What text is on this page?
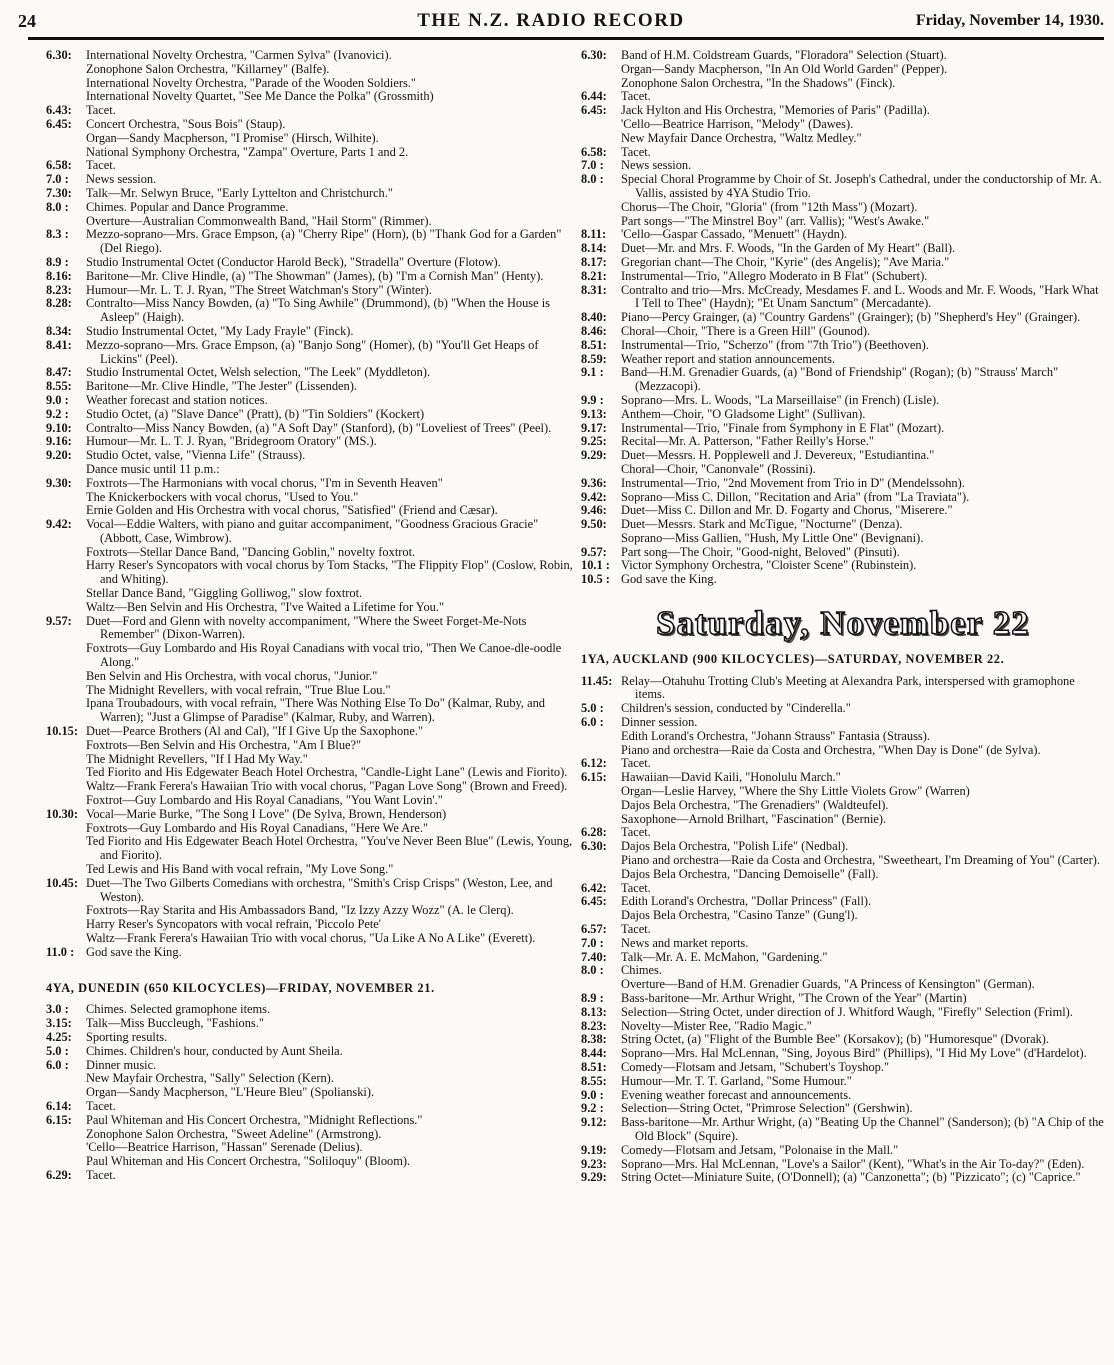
24	THE N.Z. RADIO RECORD	Friday, November 14, 1930.
6.30:	International Novelty Orchestra, "Carmen Sylva" (Ivanovici).
Zonophone Salon Orchestra, "Killarney" (Balfe).
International Novelty Orchestra, "Parade of the Wooden Soldiers."
International Novelty Quartet, "See Me Dance the Polka" (Grossmith)
6.43:	Tacet.
6.45:	Concert Orchestra, "Sous Bois" (Staup).
Organ—Sandy Macpherson, "I Promise" (Hirsch, Wilhite).
National Symphony Orchestra, "Zampa" Overture, Parts 1 and 2.
6.58:	Tacet.
7.0 :	News session.
7.30:	Talk—Mr. Selwyn Bruce, "Early Lyttelton and Christchurch."
8.0 :	Chimes. Popular and Dance Programme.
Overture—Australian Commonwealth Band, "Hail Storm" (Rimmer).
8.3 :	Mezzo-soprano—Mrs. Grace Empson, (a) "Cherry Ripe" (Horn), (b) "Thank God for a Garden" (Del Riego).
8.9 :	Studio Instrumental Octet (Conductor Harold Beck), "Stradella" Overture (Flotow).
8.16:	Baritone—Mr. Clive Hindle, (a) "The Showman" (James), (b) "I'm a Cornish Man" (Henty).
8.23:	Humour—Mr. L. T. J. Ryan, "The Street Watchman's Story" (Winter).
8.28:	Contralto—Miss Nancy Bowden, (a) "To Sing Awhile" (Drummond), (b) "When the House is Asleep" (Haigh).
8.34:	Studio Instrumental Octet, "My Lady Frayle" (Finck).
8.41:	Mezzo-soprano—Mrs. Grace Empson, (a) "Banjo Song" (Homer), (b) "You'll Get Heaps of Lickins" (Peel).
8.47:	Studio Instrumental Octet, Welsh selection, "The Leek" (Myddleton).
8.55:	Baritone—Mr. Clive Hindle, "The Jester" (Lissenden).
9.0 :	Weather forecast and station notices.
9.2 :	Studio Octet, (a) "Slave Dance" (Pratt), (b) "Tin Soldiers" (Kockert)
9.10:	Contralto—Miss Nancy Bowden, (a) "A Soft Day" (Stanford), (b) "Loveliest of Trees" (Peel).
9.16:	Humour—Mr. L. T. J. Ryan, "Bridegroom Oratory" (MS.).
9.20:	Studio Octet, valse, "Vienna Life" (Strauss).
Dance music until 11 p.m.:
9.30:	Foxtrots—The Harmonians with vocal chorus, "I'm in Seventh Heaven"
The Knickerbockers with vocal chorus, "Used to You."
Ernie Golden and His Orchestra with vocal chorus, "Satisfied" (Friend and Cæsar).
9.42:	Vocal—Eddie Walters, with piano and guitar accompaniment, "Goodness Gracious Gracie" (Abbott, Case, Wimbrow).
Foxtrots—Stellar Dance Band, "Dancing Goblin," novelty foxtrot.
Harry Reser's Syncopators with vocal chorus by Tom Stacks, "The Flippity Flop" (Coslow, Robin, and Whiting).
Stellar Dance Band, "Giggling Golliwog," slow foxtrot.
Waltz—Ben Selvin and His Orchestra, "I've Waited a Lifetime for You."
9.57:	Duet—Ford and Glenn with novelty accompaniment, "Where the Sweet Forget-Me-Nots Remember" (Dixon-Warren).
Foxtrots—Guy Lombardo and His Royal Canadians with vocal trio, "Then We Canoe-dle-oodle Along."
Ben Selvin and His Orchestra, with vocal chorus, "Junior."
The Midnight Revellers, with vocal refrain, "True Blue Lou."
Ipana Troubadours, with vocal refrain, "There Was Nothing Else To Do" (Kalmar, Ruby, and Warren); "Just a Glimpse of Paradise" (Kalmar, Ruby, and Warren).
10.15: Duet—Pearce Brothers (Al and Cal), "If I Give Up the Saxophone."
Foxtrots—Ben Selvin and His Orchestra, "Am I Blue?"
The Midnight Revellers, "If I Had My Way."
Ted Fiorito and His Edgewater Beach Hotel Orchestra, "Candle-Light Lane" (Lewis and Fiorito).
Waltz—Frank Ferera's Hawaiian Trio with vocal chorus, "Pagan Love Song" (Brown and Freed).
Foxtrot—Guy Lombardo and His Royal Canadians, "You Want Lovin'."
10.30: Vocal—Marie Burke, "The Song I Love" (De Sylva, Brown, Henderson)
Foxtrots—Guy Lombardo and His Royal Canadians, "Here We Are."
Ted Fiorito and His Edgewater Beach Hotel Orchestra, "You've Never Been Blue" (Lewis, Young, and Fiorito).
Ted Lewis and His Band with vocal refrain, "My Love Song."
10.45: Duet—The Two Gilberts Comedians with orchestra, "Smith's Crisp Crisps" (Weston, Lee, and Weston).
Foxtrots—Ray Starita and His Ambassadors Band, "Iz Izzy Azzy Wozz" (A. le Clerq).
Harry Reser's Syncopators with vocal refrain, 'Piccolo Pete'
Waltz—Frank Ferera's Hawaiian Trio with vocal chorus, "Ua Like A No A Like" (Everett).
11.0 : God save the King.
4YA, DUNEDIN (650 KILOCYCLES)—FRIDAY, NOVEMBER 21.
3.0 :	Chimes. Selected gramophone items.
3.15:	Talk—Miss Buccleugh, "Fashions."
4.25:	Sporting results.
5.0 :	Chimes. Children's hour, conducted by Aunt Sheila.
6.0 :	Dinner music.
New Mayfair Orchestra, "Sally" Selection (Kern).
Organ—Sandy Macpherson, "L'Heure Bleu" (Spolianski).
6.14:	Tacet.
6.15:	Paul Whiteman and His Concert Orchestra, "Midnight Reflections."
Zonophone Salon Orchestra, "Sweet Adeline" (Armstrong).
'Cello—Beatrice Harrison, "Hassan" Serenade (Delius).
Paul Whiteman and His Concert Orchestra, "Soliloquy" (Bloom).
6.29:	Tacet.
6.30:	Band of H.M. Coldstream Guards, "Floradora" Selection (Stuart).
Organ—Sandy Macpherson, "In An Old World Garden" (Pepper).
Zonophone Salon Orchestra, "In the Shadows" (Finck).
6.44:	Tacet.
6.45:	Jack Hylton and His Orchestra, "Memories of Paris" (Padilla).
'Cello—Beatrice Harrison, "Melody" (Dawes).
New Mayfair Dance Orchestra, "Waltz Medley."
6.58:	Tacet.
7.0 :	News session.
8.0 :	Special Choral Programme by Choir of St. Joseph's Cathedral, under the conductorship of Mr. A. Vallis, assisted by 4YA Studio Trio.
Chorus—The Choir, "Gloria" (from "12th Mass") (Mozart).
Part songs—"The Minstrel Boy" (arr. Vallis); "West's Awake."
8.11:	'Cello—Gaspar Cassado, "Menuett" (Haydn).
8.14:	Duet—Mr. and Mrs. F. Woods, "In the Garden of My Heart" (Ball).
8.17:	Gregorian chant—The Choir, "Kyrie" (des Angelis); "Ave Maria."
8.21:	Instrumental—Trio, "Allegro Moderato in B Flat" (Schubert).
8.31:	Contralto and trio—Mrs. McCready, Mesdames F. and L. Woods and Mr. F. Woods, "Hark What I Tell to Thee" (Haydn); "Et Unam Sanctum" (Mercadante).
8.40:	Piano—Percy Grainger, (a) "Country Gardens" (Grainger); (b) "Shepherd's Hey" (Grainger).
8.46:	Choral—Choir, "There is a Green Hill" (Gounod).
8.51:	Instrumental—Trio, "Scherzo" (from "7th Trio") (Beethoven).
8.59:	Weather report and station announcements.
9.1 :	Band—H.M. Grenadier Guards, (a) "Bond of Friendship" (Rogan); (b) "Strauss' March" (Mezzacopi).
9.9 :	Soprano—Mrs. L. Woods, "La Marseillaise" (in French) (Lisle).
9.13:	Anthem—Choir, "O Gladsome Light" (Sullivan).
9.17:	Instrumental—Trio, "Finale from Symphony in E Flat" (Mozart).
9.25:	Recital—Mr. A. Patterson, "Father Reilly's Horse."
9.29:	Duet—Messrs. H. Popplewell and J. Devereux, "Estudiantina."
Choral—Choir, "Canonvale" (Rossini).
9.36:	Instrumental—Trio, "2nd Movement from Trio in D" (Mendelssohn).
9.42:	Soprano—Miss C. Dillon, "Recitation and Aria" (from "La Traviata").
9.46:	Duet—Miss C. Dillon and Mr. D. Fogarty and Chorus, "Miserere."
9.50:	Duet—Messrs. Stark and McTigue, "Nocturne" (Denza).
Soprano—Miss Gallien, "Hush, My Little One" (Bevignani).
9.57:	Part song—The Choir, "Good-night, Beloved" (Pinsuti).
10.1 : Victor Symphony Orchestra, "Cloister Scene" (Rubinstein).
10.5 : God save the King.
Saturday, November 22
1YA, AUCKLAND (900 KILOCYCLES)—SATURDAY, NOVEMBER 22.
11.45: Relay—Otahuhu Trotting Club's Meeting at Alexandra Park, interspersed with gramophone items.
5.0 :	Children's session, conducted by "Cinderella."
6.0 :	Dinner session.
Edith Lorand's Orchestra, "Johann Strauss" Fantasia (Strauss).
Piano and orchestra—Raie da Costa and Orchestra, "When Day is Done" (de Sylva).
6.12:	Tacet.
6.15:	Hawaiian—David Kaili, "Honolulu March."
Organ—Leslie Harvey, "Where the Shy Little Violets Grow" (Warren)
Dajos Bela Orchestra, "The Grenadiers" (Waldteufel).
Saxophone—Arnold Brilhart, "Fascination" (Bernie).
6.28:	Tacet.
6.30:	Dajos Bela Orchestra, "Polish Life" (Nedbal).
Piano and orchestra—Raie da Costa and Orchestra, "Sweetheart, I'm Dreaming of You" (Carter).
Dajos Bela Orchestra, "Dancing Demoiselle" (Fall).
6.42:	Tacet.
6.45:	Edith Lorand's Orchestra, "Dollar Princess" (Fall).
Dajos Bela Orchestra, "Casino Tanze" (Gung'l).
6.57:	Tacet.
7.0 :	News and market reports.
7.40:	Talk—Mr. A. E. McMahon, "Gardening."
8.0 :	Chimes.
Overture—Band of H.M. Grenadier Guards, "A Princess of Kensington" (German).
8.9 :	Bass-baritone—Mr. Arthur Wright, "The Crown of the Year" (Martin)
8.13:	Selection—String Octet, under direction of J. Whitford Waugh, "Firefly" Selection (Friml).
8.23:	Novelty—Mister Ree, "Radio Magic."
8.38:	String Octet, (a) "Flight of the Bumble Bee" (Korsakov); (b) "Humoresque" (Dvorak).
8.44:	Soprano—Mrs. Hal McLennan, "Sing, Joyous Bird" (Phillips), "I Hid My Love" (d'Hardelot).
8.51:	Comedy—Flotsam and Jetsam, "Schubert's Toyshop."
8.55:	Humour—Mr. T. T. Garland, "Some Humour."
9.0 :	Evening weather forecast and announcements.
9.2 :	Selection—String Octet, "Primrose Selection" (Gershwin).
9.12:	Bass-baritone—Mr. Arthur Wright, (a) "Beating Up the Channel" (Sanderson); (b) "A Chip of the Old Block" (Squire).
9.19:	Comedy—Flotsam and Jetsam, "Polonaise in the Mall."
9.23:	Soprano—Mrs. Hal McLennan, "Love's a Sailor" (Kent), "What's in the Air To-day?" (Eden).
9.29:	String Octet—Miniature Suite, (O'Donnell); (a) "Canzonetta"; (b) "Pizzicato"; (c) "Caprice."
